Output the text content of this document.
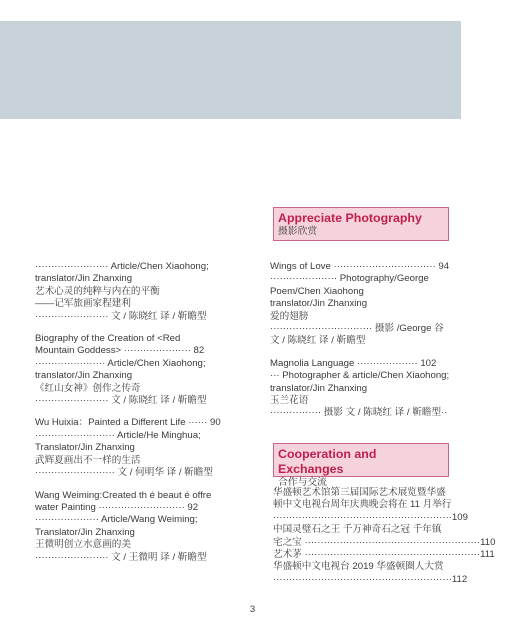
······················· Article/Chen Xiaohong;
translator/Jin Zhanxing
艺术心灵的纯粹与内在的平衡
——记军旅画家程建利
······················· 文 / 陈晓红 译 / 靳瞻型
Biography of the Creation of <Red
Mountain Goddess> ····················· 82
······················ Article/Chen Xiaohong;
translator/Jin Zhanxing
《红山女神》创作之传奇
······················· 文 / 陈晓红 译 / 靳瞻型
Wu Huixia：Painted a Different Life ······ 90
························· Article/He Minghua;
Translator/Jin Zhanxing
武辉夏画出不一样的生活
························· 文 / 何明华 译 / 靳瞻型
Wang Weiming:Created th é beaut é offre
water Painting ··························· 92
···················· Article/Wang Weiming;
Translator/Jin Zhanxing
王微明创立水意画的美
······················· 文 / 王微明 译 / 靳瞻型
Appreciate Photography
摄影欣赏
Wings of Love ································ 94
····················· Photography/George
Poem/Chen Xiaohong
translator/Jin Zhanxing
爱的翅膀
································ 摄影 /George 谷
文 / 陈晓红 译 / 靳瞻型
Magnolia Language ··················· 102
··· Photographer & article/Chen Xiaohong;
translator/Jin Zhanxing
玉兰花语
················ 摄影 文 / 陈晓红 译 / 靳瞻型··
Cooperation and Exchanges
合作与交流
华盛顿艺术馆第三届国际艺术展览暨华盛
顿中文电视台周年庆典晚会将在 11 月举行
························································109
中国灵璧石之王 千万神奇石之冠 千年镇
宅之宝 ·······················································110
艺术茅 ·······················································111
华盛顿中文电视台 2019 华盛顿圈人大赏
························································112
3
